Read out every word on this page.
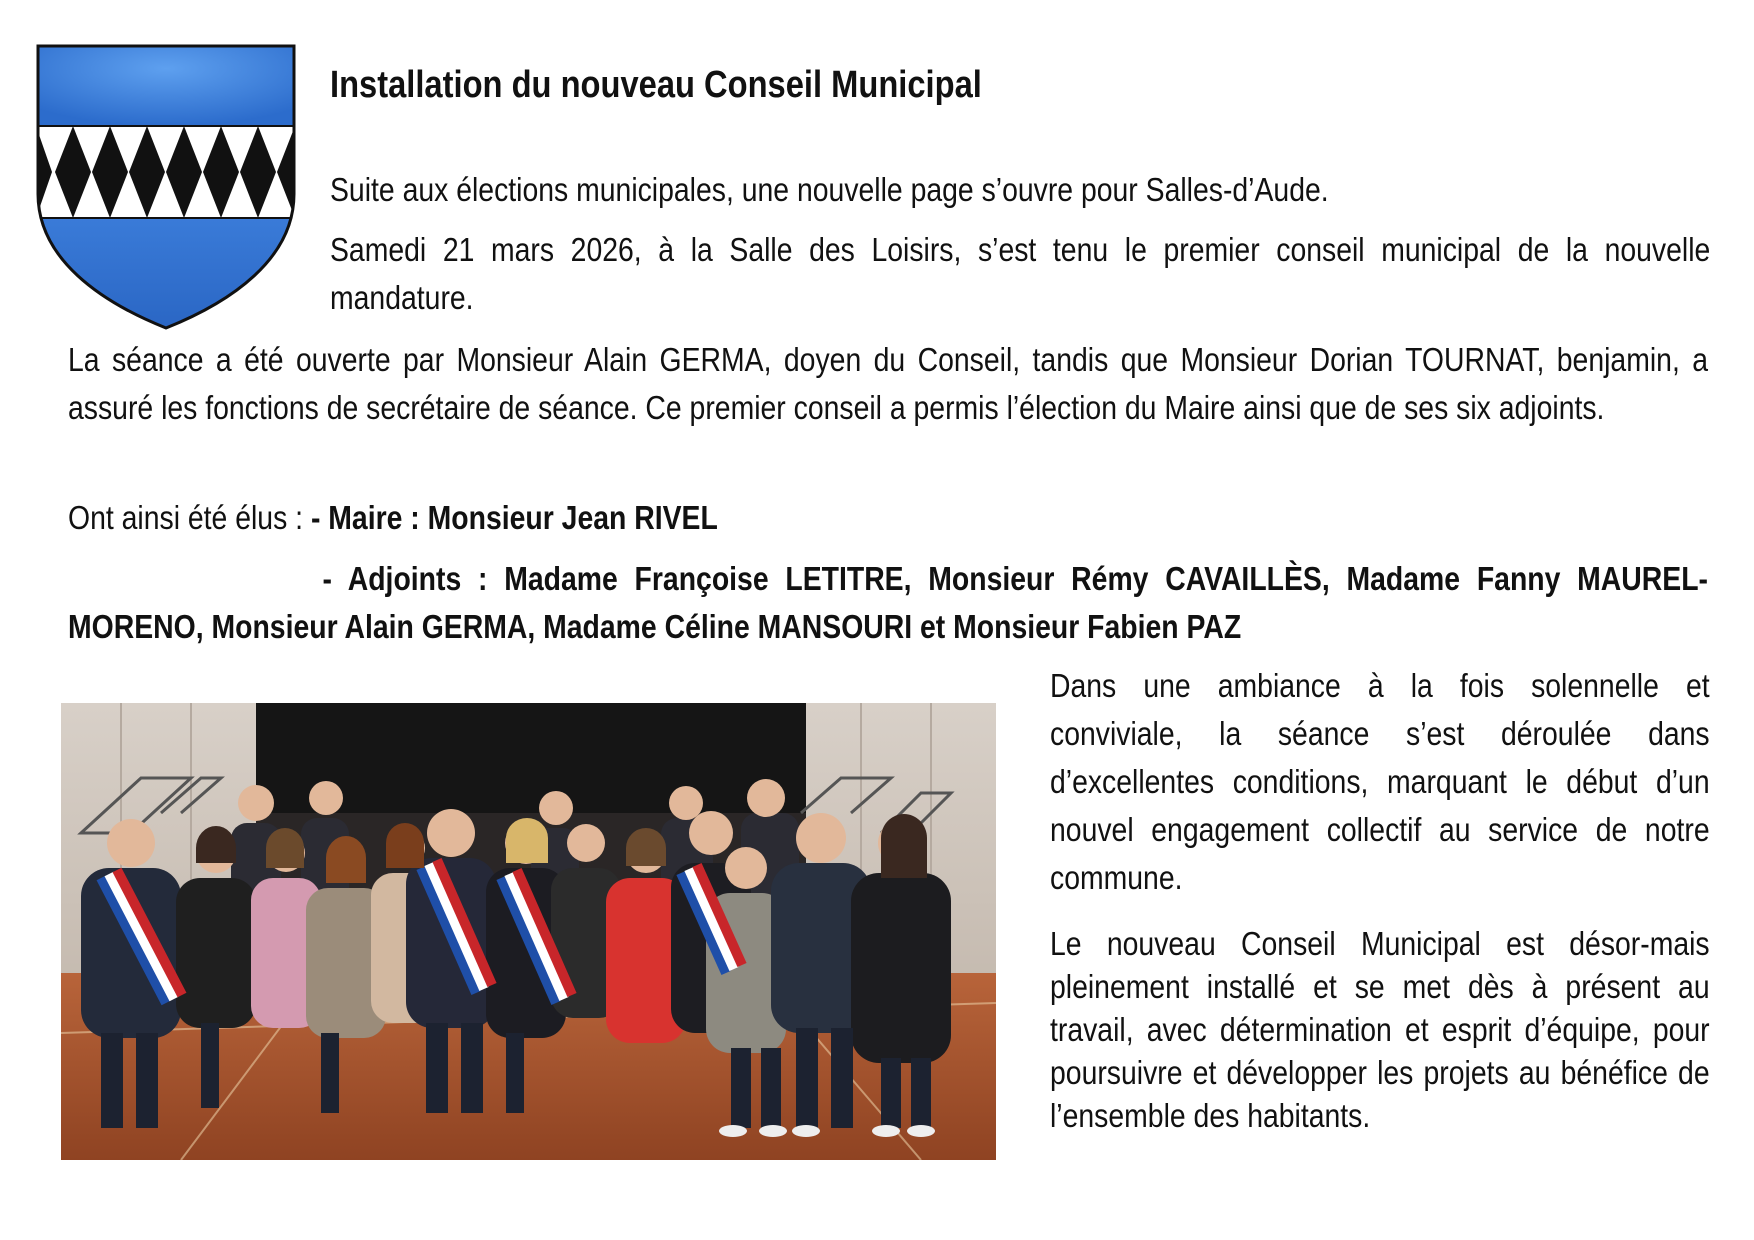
Installation du nouveau Conseil Municipal
Suite aux élections municipales, une nouvelle page s’ouvre pour Salles-d’Aude.
Samedi 21 mars 2026, à la Salle des Loisirs, s’est tenu le premier conseil municipal de la nouvelle mandature.
La séance a été ouverte par Monsieur Alain GERMA, doyen du Conseil, tandis que Monsieur Dorian TOURNAT, benjamin, a assuré les fonctions de secrétaire de séance. Ce premier conseil a permis l’élection du Maire ainsi que de ses six adjoints.
Ont ainsi été élus : - Maire : Monsieur Jean RIVEL
- Adjoints : Madame Françoise LETITRE, Monsieur Rémy CAVAILLÈS, Madame Fanny MAUREL-MORENO, Monsieur Alain GERMA, Madame Céline MANSOURI et Monsieur Fabien PAZ
Dans une ambiance à la fois solennelle et conviviale, la séance s’est déroulée dans d’excellentes conditions, marquant le début d’un nouvel engagement collectif au service de notre commune.
Le nouveau Conseil Municipal est désor-mais pleinement installé et se met dès à présent au travail, avec détermination et esprit d’équipe, pour poursuivre et développer les projets au bénéfice de l’ensemble des habitants.
